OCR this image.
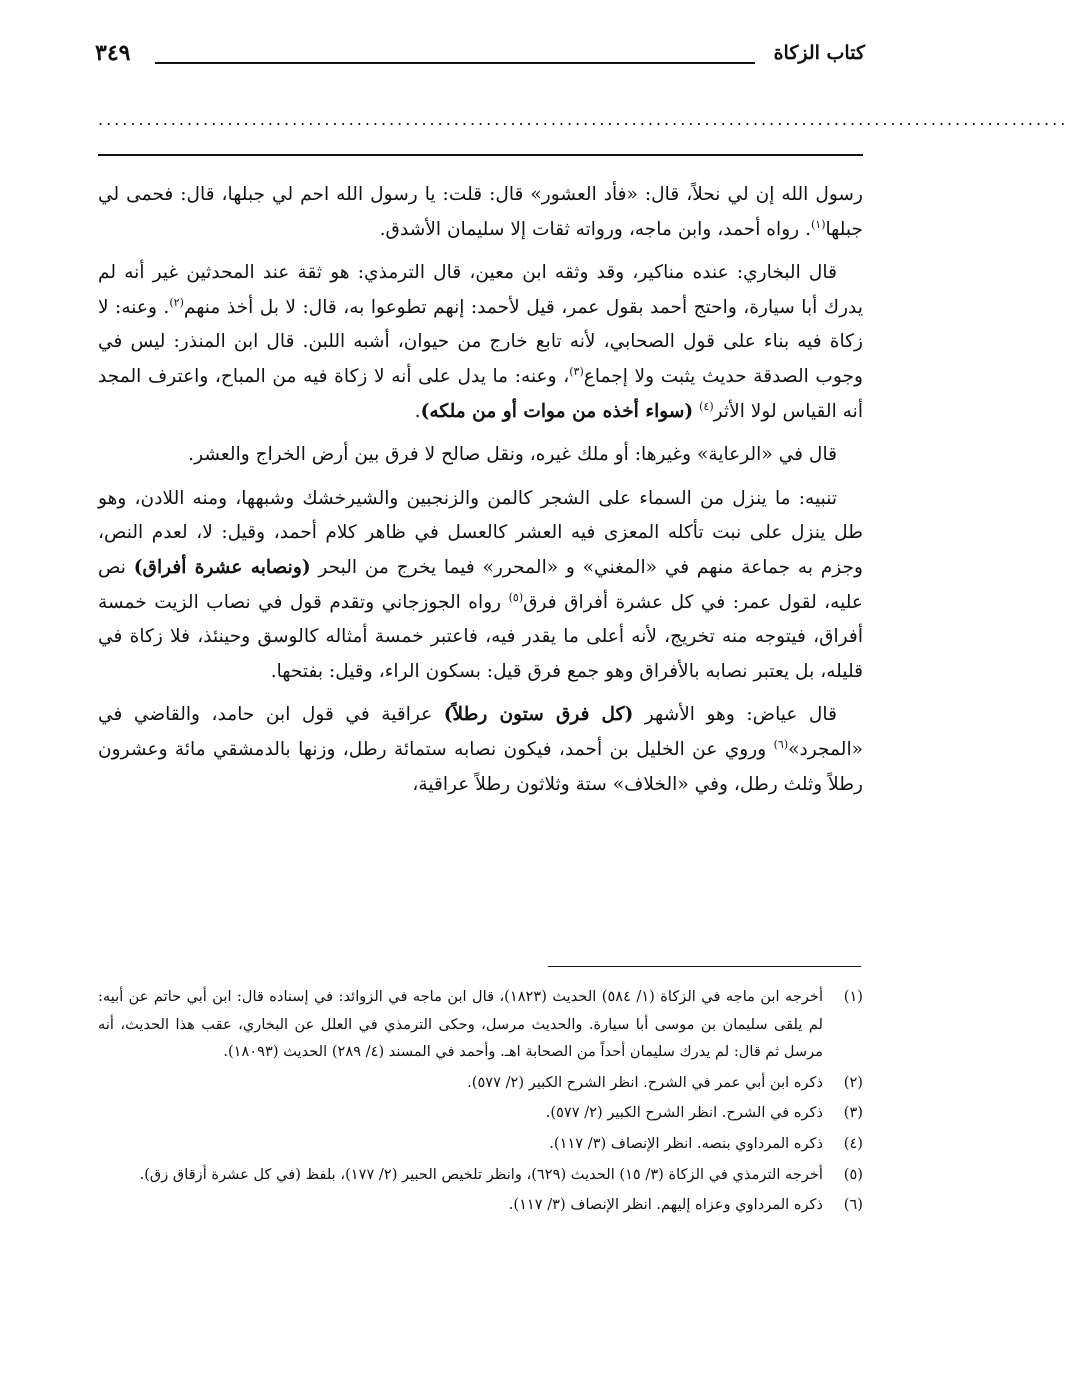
كتاب الزكاة
٣٤٩
........................................................................................................................

رسول الله إن لي نحلاً، قال: «فأد العشور» قال: قلت: يا رسول الله احم لي جبلها، قال: فحمى لي جبلها$^{(١)}$. رواه أحمد، وابن ماجه، ورواته ثقات إلا سليمان الأشدق.

قال البخاري: عنده مناكير، وقد وثقه ابن معين، قال الترمذي: هو ثقة عند المحدثين غير أنه لم يدرك أبا سيارة، واحتج أحمد بقول عمر، قيل لأحمد: إنهم تطوعوا به، قال: لا بل أخذ منهم$^{(٢)}$. وعنه: لا زكاة فيه بناء على قول الصحابي، لأنه تابع خارج من حيوان، أشبه اللبن. قال ابن المنذر: ليس في وجوب الصدقة حديث يثبت ولا إجماع$^{(٣)}$، وعنه: ما يدل على أنه لا زكاة فيه من المباح، واعترف المجد أنه القياس لولا الأثر$^{(٤)}$ (سواء أخذه من موات أو من ملكه).

قال في «الرعاية» وغيرها: أو ملك غيره، ونقل صالح لا فرق بين أرض الخراج والعشر.

تنبيه: ما ينزل من السماء على الشجر كالمن والزنجبين والشيرخشك وشبهها، ومنه اللادن، وهو طل ينزل على نبت تأكله المعزى فيه العشر كالعسل في ظاهر كلام أحمد، وقيل: لا، لعدم النص، وجزم به جماعة منهم في «المغني» و «المحرر» فيما يخرج من البحر (ونصابه عشرة أفراق) نص عليه، لقول عمر: في كل عشرة أفراق فرق$^{(٥)}$ رواه الجوزجاني وتقدم قول في نصاب الزيت خمسة أفراق، فيتوجه منه تخريج، لأنه أعلى ما يقدر فيه، فاعتبر خمسة أمثاله كالوسق وحينئذ، فلا زكاة في قليله، بل يعتبر نصابه بالأفراق وهو جمع فرق قيل: بسكون الراء، وقيل: بفتحها.

قال عياض: وهو الأشهر (كل فرق ستون رطلاً) عراقية في قول ابن حامد، والقاضي في «المجرد»$^{(٦)}$ وروي عن الخليل بن أحمد، فيكون نصابه ستمائة رطل، وزنها بالدمشقي مائة وعشرون رطلاً وثلث رطل، وفي «الخلاف» ستة وثلاثون رطلاً عراقية،

(١)
أخرجه ابن ماجه في الزكاة (١/ ٥٨٤) الحديث (١٨٢٣)، قال ابن ماجه في الزوائد: في إسناده قال: ابن أبي حاتم عن أبيه: لم يلقى سليمان بن موسى أبا سيارة. والحديث مرسل، وحكى الترمذي في العلل عن البخاري، عقب هذا الحديث، أنه مرسل ثم قال: لم يدرك سليمان أحداً من الصحابة اهـ. وأحمد في المسند (٤/ ٢٨٩) الحديث (١٨٠٩٣).
(٢)
ذكره ابن أبي عمر في الشرح. انظر الشرح الكبير (٢/ ٥٧٧).
(٣)
ذكره في الشرح. انظر الشرح الكبير (٢/ ٥٧٧).
(٤)
ذكره المرداوي بنصه. انظر الإنصاف (٣/ ١١٧).
(٥)
أخرجه الترمذي في الزكاة (٣/ ١٥) الحديث (٦٢٩)، وانظر تلخيص الحبير (٢/ ١٧٧)، بلفظ (في كل عشرة أزقاق زق).
(٦)
ذكره المرداوي وعزاه إليهم. انظر الإنصاف (٣/ ١١٧).
